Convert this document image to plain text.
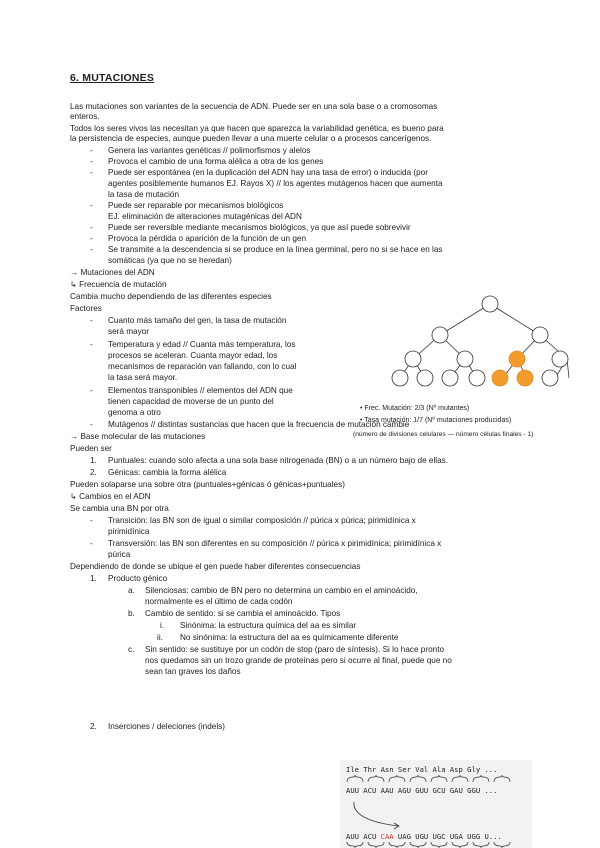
6. MUTACIONES
Las mutaciones son variantes de la secuencia de ADN. Puede ser en una sola base o a cromosomas
enteros.
Todos los seres vivos las necesitan ya que hacen que aparezca la variabilidad genética, es bueno para
la persistencia de especies, aunque pueden llevar a una muerte celular o a procesos cancerígenos.
- Genera las variantes genéticas // polimorfismos y alelos
- Provoca el cambio de una forma alélica a otra de los genes
- Puede ser espontánea (en la duplicación del ADN hay una tasa de error) o inducida (por
agentes posiblemente humanos EJ. Rayos X) // los agentes mutágenos hacen que aumenta
la tasa de mutación
- Puede ser reparable por mecanismos biológicos
EJ. eliminación de alteraciones mutagénicas del ADN
- Puede ser reversible mediante mecanismos biológicos, ya que así puede sobrevivir
- Provoca la pérdida o aparición de la función de un gen
- Se transmite a la descendencia si se produce en la línea germinal, pero no si se hace en las
somáticas (ya que no se heredan)
→ Mutaciones del ADN
↳ Frecuencia de mutación
Cambia mucho dependiendo de las diferentes especies
Factores
- Cuanto más tamaño del gen, la tasa de mutación
será mayor
- Temperatura y edad // Cuanta más temperatura, los
procesos se aceleran. Cuanta mayor edad, los
mecanismos de reparación van fallando, con lo cual
la tasa será mayor.
- Elementos transponibles // elementos del ADN que
tienen capacidad de moverse de un punto del
genoma a otro
- Mutágenos // distintas sustancias que hacen que la frecuencia de mutación cambie
• Frec. Mutación: 2/3 (Nº mutantes)
• Tasa mutación: 1/7 (Nº mutaciones producidas)
(número de divisiones celulares — número células finales - 1)
→ Base molecular de las mutaciones
Pueden ser
1. Puntuales: cuando solo afecta a una sola base nitrogenada (BN) o a un número bajo de ellas.
2. Génicas: cambia la forma alélica
Pueden solaparse una sobre otra (puntuales+génicas ó génicas+puntuales)
↳ Cambios en el ADN
Se cambia una BN por otra
- Transición: las BN son de igual o similar composición // púrica x púrica; pirimidínica x
pirimidínica
- Transversión: las BN son diferentes en su composición // púrica x pirimidínica; pirimidínica x
púrica
Dependiendo de donde se ubique el gen puede haber diferentes consecuencias
1. Producto génico
a. Silenciosas: cambio de BN pero no determina un cambio en el aminoácido,
normalmente es el último de cada codón
b. Cambio de sentido: si se cambia el aminoácido. Tipos
i. Sinónima: la estructura química del aa es similar
ii. No sinónima: la estructura del aa es químicamente diferente
c. Sin sentido: se sustituye por un codón de stop (paro de síntesis). Si lo hace pronto
nos quedamos sin un trozo grande de proteínas pero si ocurre al final, puede que no
sean tan graves los daños
2. Inserciones / deleciones (indels)
Ile Thr Asn Ser Val Ala Asp Gly ...
AUU ACU AAU AGU GUU GCU GAU GGU ...
AUU ACU CAA UAG UGU UGC UGA UGG U...
